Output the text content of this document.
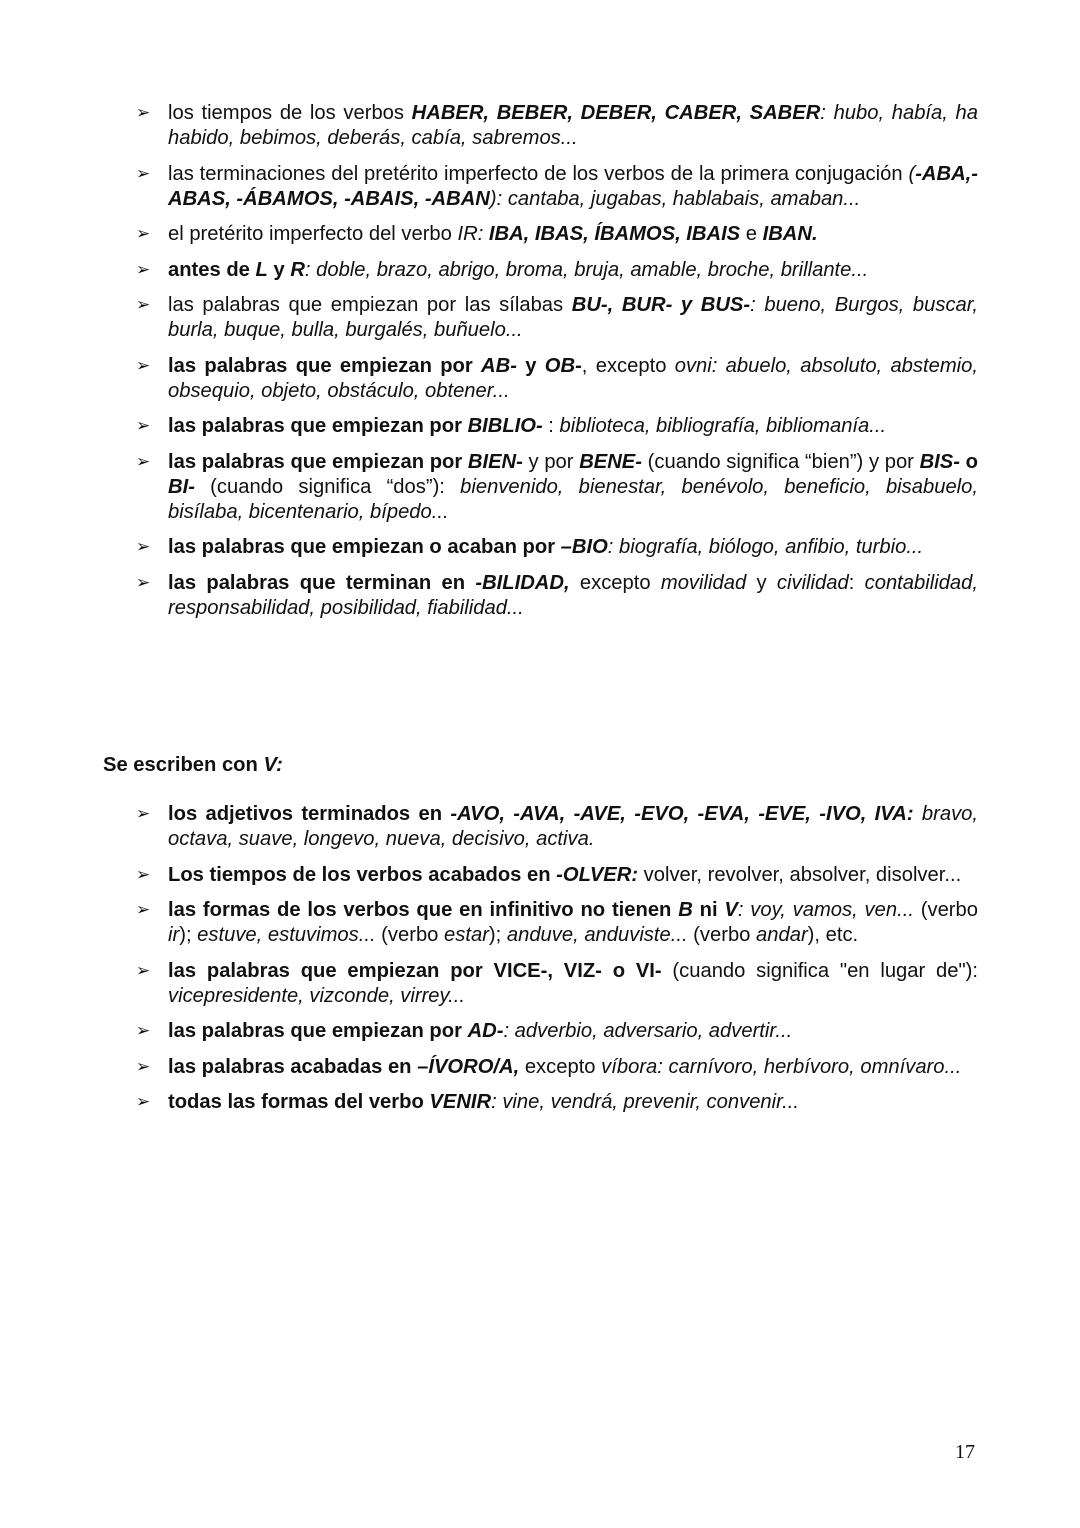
➢ los tiempos de los verbos HABER, BEBER, DEBER, CABER, SABER: hubo, había, ha habido, bebimos, deberás, cabía, sabremos...
➢ las terminaciones del pretérito imperfecto de los verbos de la primera conjugación (-ABA,-ABAS, -ÁBAMOS, -ABAIS, -ABAN): cantaba, jugabas, hablabais, amaban...
➢ el pretérito imperfecto del verbo IR: IBA, IBAS, ÍBAMOS, IBAIS e IBAN.
➢ antes de L y R: doble, brazo, abrigo, broma, bruja, amable, broche, brillante...
➢ las palabras que empiezan por las sílabas BU-, BUR- y BUS-: bueno, Burgos, buscar, burla, buque, bulla, burgalés, buñuelo...
➢ las palabras que empiezan por AB- y OB-, excepto ovni: abuelo, absoluto, abstemio, obsequio, objeto, obstáculo, obtener...
➢ las palabras que empiezan por BIBLIO- : biblioteca, bibliografía, bibliomanía...
➢ las palabras que empiezan por BIEN- y por BENE- (cuando significa “bien”) y por BIS- o BI- (cuando significa “dos”): bienvenido, bienestar, benévolo, beneficio, bisabuelo, bisílaba, bicentenario, bípedo...
➢ las palabras que empiezan o acaban por –BIO: biografía, biólogo, anfibio, turbio...
➢ las palabras que terminan en -BILIDAD, excepto movilidad y civilidad: contabilidad, responsabilidad, posibilidad, fiabilidad...
Se escriben con V:
➢ los adjetivos terminados en -AVO, -AVA, -AVE, -EVO, -EVA, -EVE, -IVO, IVA: bravo, octava, suave, longevo, nueva, decisivo, activa.
➢ Los tiempos de los verbos acabados en -OLVER: volver, revolver, absolver, disolver...
➢ las formas de los verbos que en infinitivo no tienen B ni V: voy, vamos, ven... (verbo ir); estuve, estuvimos... (verbo estar); anduve, anduviste... (verbo andar), etc.
➢ las palabras que empiezan por VICE-, VIZ- o VI- (cuando significa "en lugar de"): vicepresidente, vizconde, virrey...
➢ las palabras que empiezan por AD-: adverbio, adversario, advertir...
➢ las palabras acabadas en –ÍVORO/A, excepto víbora: carnívoro, herbívoro, omnívaro...
➢ todas las formas del verbo VENIR: vine, vendrá, prevenir, convenir...
17
